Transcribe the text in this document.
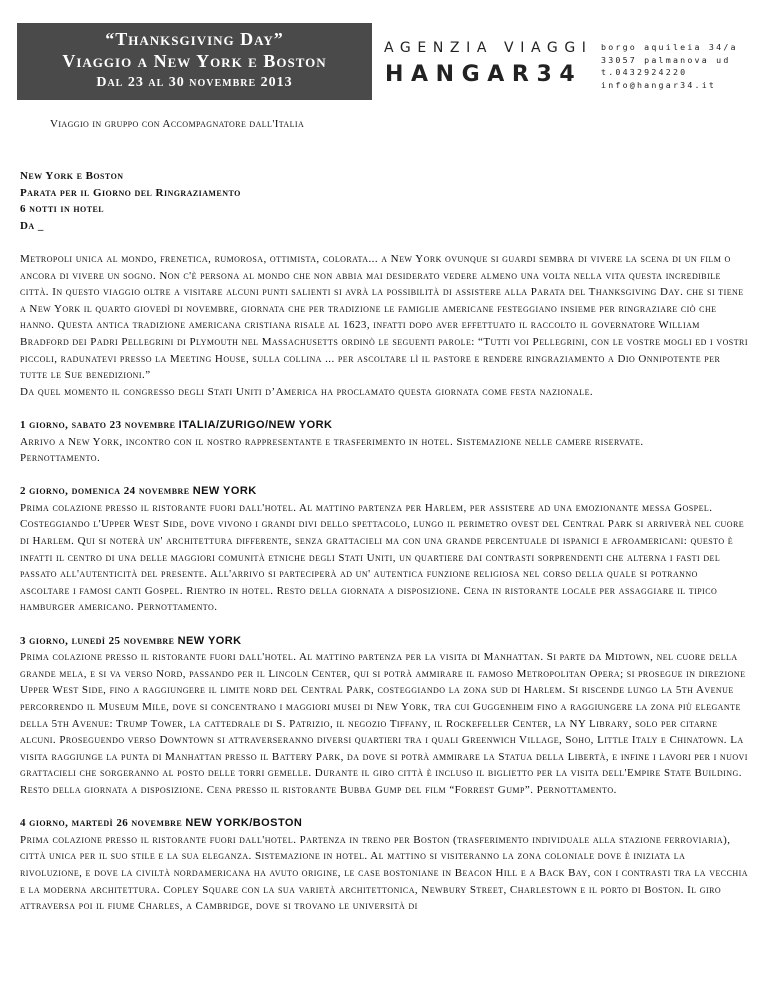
“Thanksgiving Day”
Viaggio a New York e Boston
Dal 23 al 30 novembre 2013
AGENZIA VIAGGI
HANGAR34
borgo aquileia 34/a
33057 palmanova ud
t.0432924220
info@hangar34.it
Viaggio in gruppo con Accompagnatore dall'Italia

New York e Boston

Parata per il Giorno del Ringraziamento

6 notti in hotel

Da _

Metropoli unica al mondo, frenetica, rumorosa, ottimista, colorata... a New York ovunque si guardi sembra di vivere la scena di un film o ancora di vivere un sogno. Non c'è persona al mondo che non abbia mai desiderato vedere almeno una volta nella vita questa incredibile città. In questo viaggio oltre a visitare alcuni punti salienti si avrà la possibilità di assistere alla Parata del Thanksgiving Day. che si tiene a New York il quarto giovedì di novembre, giornata che per tradizione le famiglie americane festeggiano insieme per ringraziare ciò che hanno. Questa antica tradizione americana cristiana risale al 1623, infatti dopo aver effettuato il raccolto il governatore William Bradford dei Padri Pellegrini di Plymouth nel Massachusetts ordinò le seguenti parole: “Tutti voi Pellegrini, con le vostre mogli ed i vostri piccoli, radunatevi presso la Meeting House, sulla collina ... per ascoltare lì il pastore e rendere ringraziamento a Dio Onnipotente per tutte le Sue benedizioni.”

Da quel momento il congresso degli Stati Uniti d’America ha proclamato questa giornata come festa nazionale.

1 giorno, sabato 23 novembre ITALIA/ZURIGO/NEW YORK

Arrivo a New York, incontro con il nostro rappresentante e trasferimento in hotel. Sistemazione nelle camere riservate.

Pernottamento.

2 giorno, domenica 24 novembre NEW YORK

Prima colazione presso il ristorante fuori dall'hotel. Al mattino partenza per Harlem, per assistere ad una emozionante messa Gospel. Costeggiando l'Upper West Side, dove vivono i grandi divi dello spettacolo, lungo il perimetro ovest del Central Park si arriverà nel cuore di Harlem. Qui si noterà un' architettura differente, senza grattacieli ma con una grande percentuale di ispanici e afroamericani: questo è infatti il centro di una delle maggiori comunità etniche degli Stati Uniti, un quartiere dai contrasti sorprendenti che alterna i fasti del passato all'autenticità del presente. All'arrivo si parteciperà ad un' autentica funzione religiosa nel corso della quale si potranno ascoltare i famosi canti Gospel. Rientro in hotel. Resto della giornata a disposizione. Cena in ristorante locale per assaggiare il tipico hamburger americano. Pernottamento.

3 giorno, lunedì 25 novembre NEW YORK

Prima colazione presso il ristorante fuori dall'hotel. Al mattino partenza per la visita di Manhattan. Si parte da Midtown, nel cuore della grande mela, e si va verso Nord, passando per il Lincoln Center, qui si potrà ammirare il famoso Metropolitan Opera; si prosegue in direzione Upper West Side, fino a raggiungere il limite nord del Central Park, costeggiando la zona sud di Harlem. Si riscende lungo la 5th Avenue percorrendo il Museum Mile, dove si concentrano i maggiori musei di New York, tra cui Guggenheim fino a raggiungere la zona più elegante della 5th Avenue: Trump Tower, la cattedrale di S. Patrizio, il negozio Tiffany, il Rockefeller Center, la NY Library, solo per citarne alcuni. Proseguendo verso Downtown si attraverseranno diversi quartieri tra i quali Greenwich Village, Soho, Little Italy e Chinatown. La visita raggiunge la punta di Manhattan presso il Battery Park, da dove si potrà ammirare la Statua della Libertà, e infine i lavori per i nuovi grattacieli che sorgeranno al posto delle torri gemelle. Durante il giro città è incluso il biglietto per la visita dell'Empire State Building. Resto della giornata a disposizione. Cena presso il ristorante Bubba Gump del film “Forrest Gump”. Pernottamento.

4 giorno, martedì 26 novembre NEW YORK/BOSTON

Prima colazione presso il ristorante fuori dall'hotel. Partenza in treno per Boston (trasferimento individuale alla stazione ferroviaria), città unica per il suo stile e la sua eleganza. Sistemazione in hotel. Al mattino si visiteranno la zona coloniale dove è iniziata la rivoluzione, e dove la civiltà nordamericana ha avuto origine, le case bostoniane in Beacon Hill e a Back Bay, con i contrasti tra la vecchia e la moderna architettura. Copley Square con la sua varietà architettonica, Newbury Street, Charlestown e il porto di Boston. Il giro attraversa poi il fiume Charles, a Cambridge, dove si trovano le università di
